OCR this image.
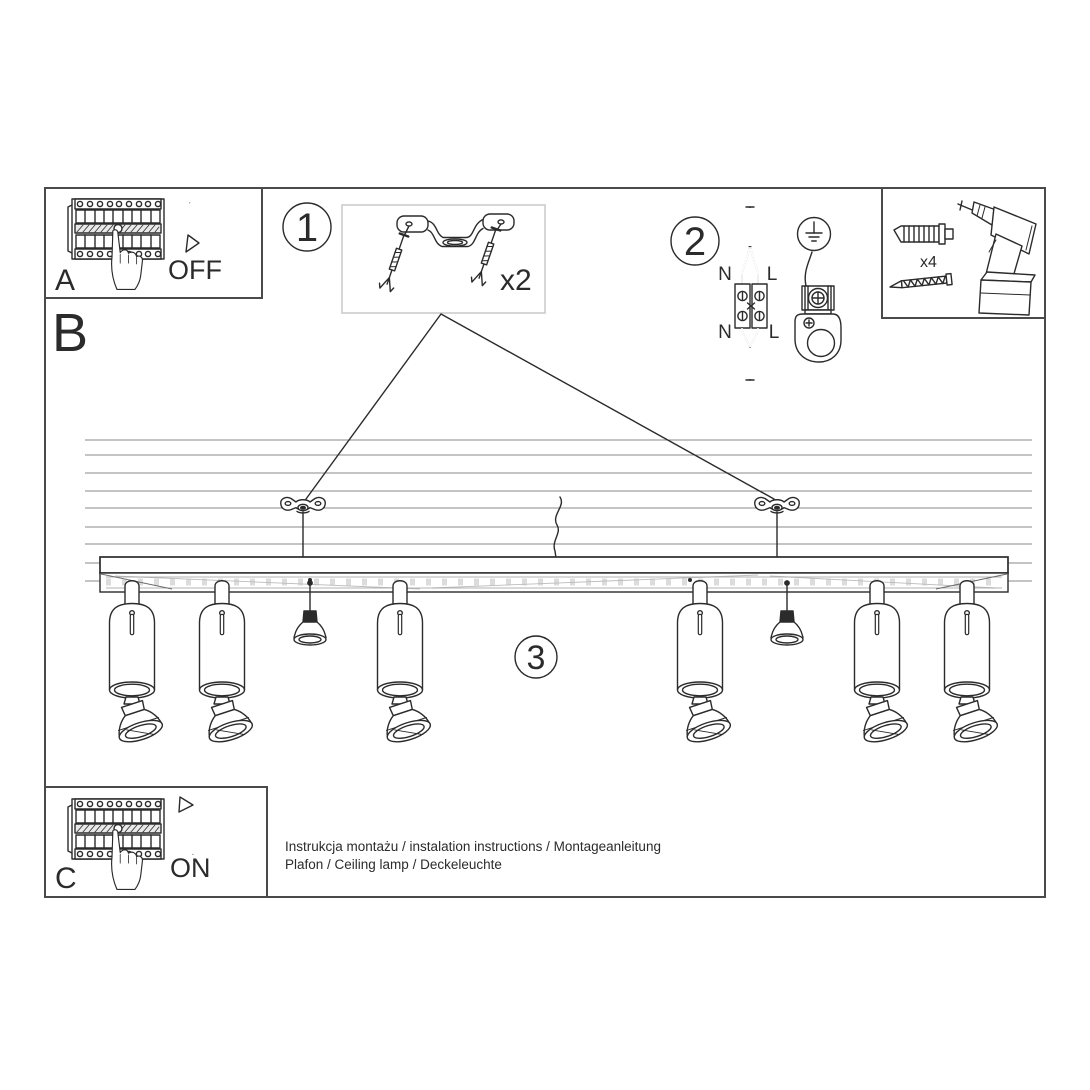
A	OFF
B
1
x2
2
N L
N L
x4
3
C	ON
Instrukcja montażu / instalation instructions / Montageanleitung
Plafon / Ceiling lamp / Deckeleuchte
